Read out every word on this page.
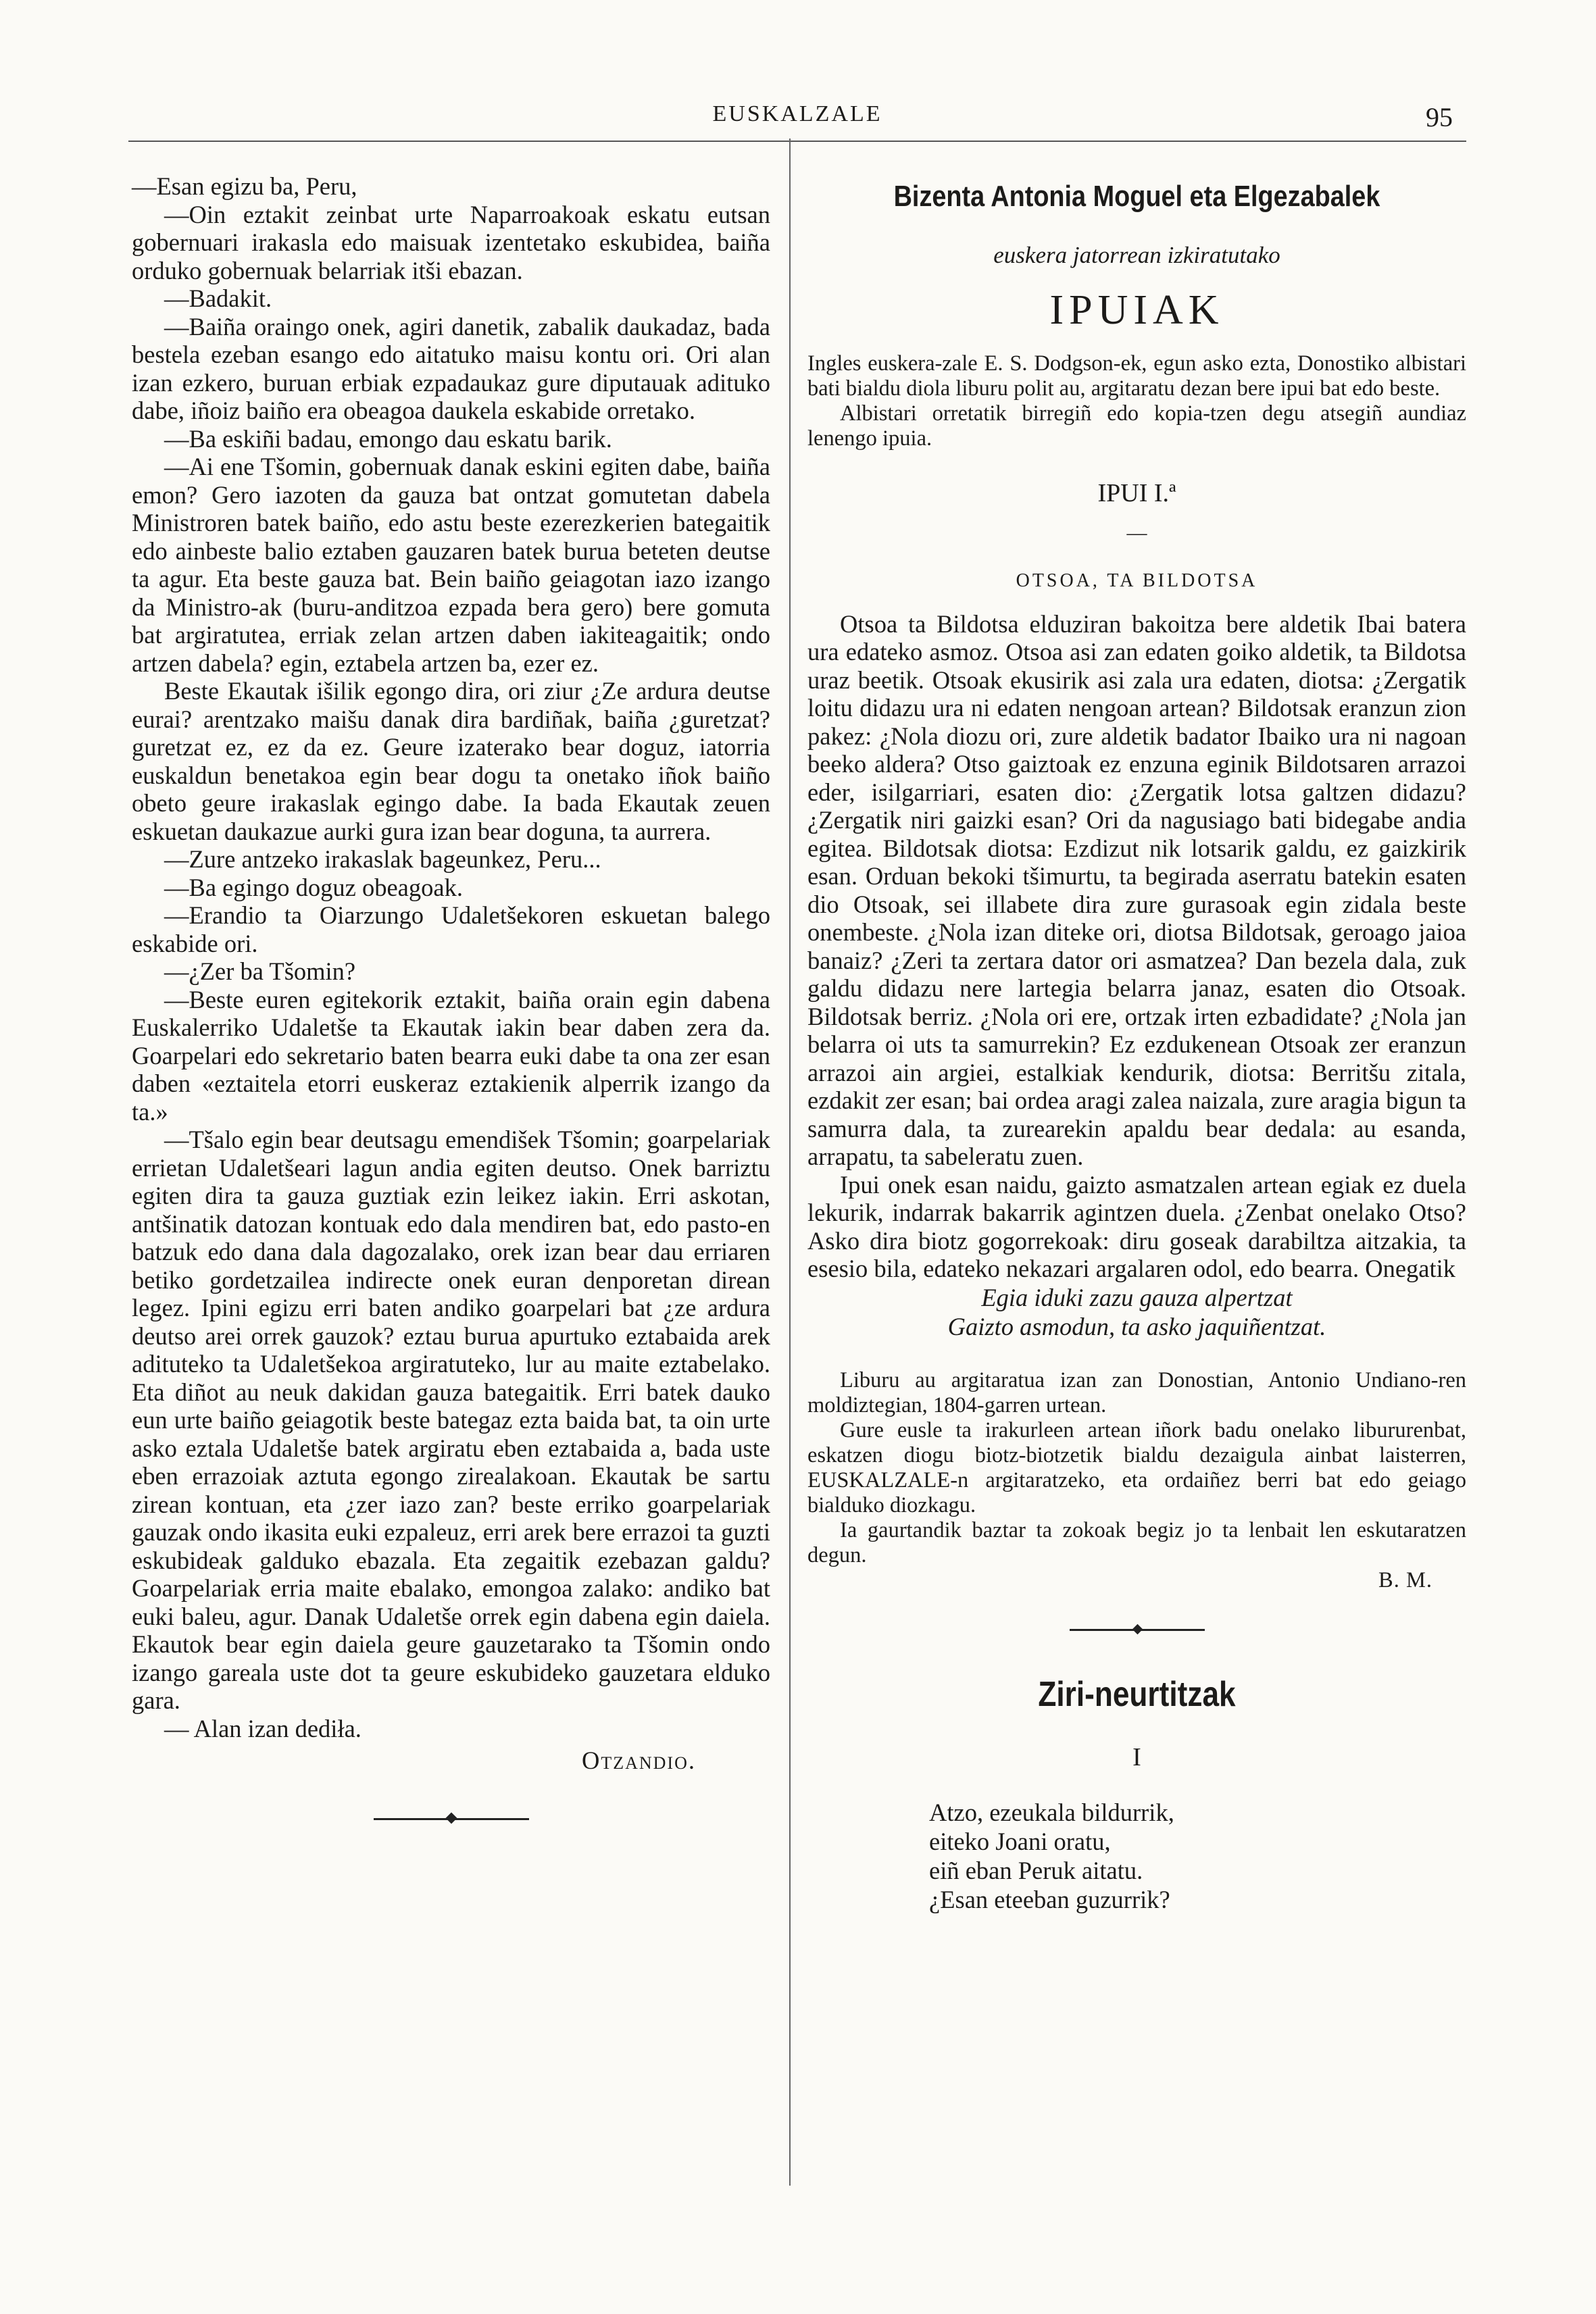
EUSKALZALE	95

—Esan egizu ba, Peru,

—Oin eztakit zeinbat urte Naparroakoak eskatu eutsan gobernuari irakasla edo maisuak izentetako eskubidea, baiña orduko gobernuak belarriak itši ebazan.

—Badakit.

—Baiña oraingo onek, agiri danetik, zabalik daukadaz, bada bestela ezeban esango edo aitatuko maisu kontu ori. Ori alan izan ezkero, buruan erbiak ezpadaukaz gure diputauak adituko dabe, iñoiz baiño era obeagoa daukela eskabide orretako.

—Ba eskiñi badau, emongo dau eskatu barik.

—Ai ene Tšomin, gobernuak danak eskini egiten dabe, baiña emon? Gero iazoten da gauza bat ontzat gomutetan dabela Ministroren batek baiño, edo astu beste ezerezkerien bategaitik edo ainbeste balio eztaben gauzaren batek burua beteten deutse ta agur. Eta beste gauza bat. Bein baiño geiagotan iazo izango da Ministro-ak (buru-anditzoa ezpada bera gero) bere gomuta bat argiratutea, erriak zelan artzen daben iakiteagaitik; ondo artzen dabela? egin, eztabela artzen ba, ezer ez.

Beste Ekautak išilik egongo dira, ori ziur ¿Ze ardura deutse eurai? arentzako maišu danak dira bardiñak, baiña ¿guretzat? guretzat ez, ez da ez. Geure izaterako bear doguz, iatorria euskaldun benetakoa egin bear dogu ta onetako iñok baiño obeto geure irakaslak egingo dabe. Ia bada Ekautak zeuen eskuetan daukazue aurki gura izan bear doguna, ta aurrera.

—Zure antzeko irakaslak bageunkez, Peru...

—Ba egingo doguz obeagoak.

—Erandio ta Oiarzungo Udaletšekoren eskuetan balego eskabide ori.

—¿Zer ba Tšomin?

—Beste euren egitekorik eztakit, baiña orain egin dabena Euskalerriko Udaletše ta Ekautak iakin bear daben zera da. Goarpelari edo sekretario baten bearra euki dabe ta ona zer esan daben «eztaitela etorri euskeraz eztakienik alperrik izango da ta.»

—Tšalo egin bear deutsagu emendišek Tšomin; goarpelariak errietan Udaletšeari lagun andia egiten deutso. Onek barriztu egiten dira ta gauza guztiak ezin leikez iakin. Erri askotan, antšinatik datozan kontuak edo dala mendiren bat, edo pasto-en batzuk edo dana dala dagozalako, orek izan bear dau erriaren betiko gordetzailea indirecte onek euran denporetan direan legez. Ipini egizu erri baten andiko goarpelari bat ¿ze ardura deutso arei orrek gauzok? eztau burua apurtuko eztabaida arek adituteko ta Udaletšekoa argiratuteko, lur au maite eztabelako. Eta diñot au neuk dakidan gauza bategaitik. Erri batek dauko eun urte baiño geiagotik beste bategaz ezta baida bat, ta oin urte asko eztala Udaletše batek argiratu eben eztabaida a, bada uste eben errazoiak aztuta egongo zirealakoan. Ekautak be sartu zirean kontuan, eta ¿zer iazo zan? beste erriko goarpelariak gauzak ondo ikasita euki ezpaleuz, erri arek bere errazoi ta guzti eskubideak galduko ebazala. Eta zegaitik ezebazan galdu? Goarpelariak erria maite ebalako, emongoa zalako: andiko bat euki baleu, agur. Danak Udaletše orrek egin dabena egin daiela. Ekautok bear egin daiela geure gauzetarako ta Tšomin ondo izango gareala uste dot ta geure eskubideko gauzetara elduko gara.

— Alan izan dediła.

Otzandio.

Bizenta Antonia Moguel eta Elgezabalek
euskera jatorrean izkiratutako
IPUIAK

Ingles euskera-zale E. S. Dodgson-ek, egun asko ezta, Donostiko albistari bati bialdu diola liburu polit au, argitaratu dezan bere ipui bat edo beste.

Albistari orretatik birregiñ edo kopia-tzen degu atsegiñ aundiaz lenengo ipuia.

IPUI I.ª
—
OTSOA, TA BILDOTSA

Otsoa ta Bildotsa elduziran bakoitza bere aldetik Ibai batera ura edateko asmoz. Otsoa asi zan edaten goiko aldetik, ta Bildotsa uraz beetik. Otsoak ekusirik asi zala ura edaten, diotsa: ¿Zergatik loitu didazu ura ni edaten nengoan artean? Bildotsak eranzun zion pakez: ¿Nola diozu ori, zure aldetik badator Ibaiko ura ni nagoan beeko aldera? Otso gaiztoak ez enzuna eginik Bildotsaren arrazoi eder, isilgarriari, esaten dio: ¿Zergatik lotsa galtzen didazu? ¿Zergatik niri gaizki esan? Ori da nagusiago bati bidegabe andia egitea. Bildotsak diotsa: Ezdizut nik lotsarik galdu, ez gaizkirik esan. Orduan bekoki tšimurtu, ta begirada aserratu batekin esaten dio Otsoak, sei illabete dira zure gurasoak egin zidala beste onembeste. ¿Nola izan diteke ori, diotsa Bildotsak, geroago jaioa banaiz? ¿Zeri ta zertara dator ori asmatzea? Dan bezela dala, zuk galdu didazu nere lartegia belarra janaz, esaten dio Otsoak. Bildotsak berriz. ¿Nola ori ere, ortzak irten ezbadidate? ¿Nola jan belarra oi uts ta samurrekin? Ez ezdukenean Otsoak zer eranzun arrazoi ain argiei, estalkiak kendurik, diotsa: Berritšu zitala, ezdakit zer esan; bai ordea aragi zalea naizala, zure aragia bigun ta samurra dala, ta zurearekin apaldu bear dedala: au esanda, arrapatu, ta sabeleratu zuen.

Ipui onek esan naidu, gaizto asmatzalen artean egiak ez duela lekurik, indarrak bakarrik agintzen duela. ¿Zenbat onelako Otso? Asko dira biotz gogorrekoak: diru goseak darabiltza aitzakia, ta esesio bila, edateko nekazari argalaren odol, edo bearra. Onegatik

Egia iduki zazu gauza alpertzat
Gaizto asmodun, ta asko jaquiñentzat.

Liburu au argitaratua izan zan Donostian, Antonio Undiano-ren moldiztegian, 1804-garren urtean.

Gure eusle ta irakurleen artean iñork badu onelako libururenbat, eskatzen diogu biotz-biotzetik bialdu dezaigula ainbat laisterren, EUSKALZALE-n argitaratzeko, eta ordaiñez berri bat edo geiago bialduko diozkagu.

Ia gaurtandik baztar ta zokoak begiz jo ta lenbait len eskutaratzen degun.

B. M.
Ziri-neurtitzak
I
Atzo, ezeukala bildurrik,
eiteko Joani oratu,
eiñ eban Peruk aitatu.
¿Esan eteeban guzurrik?
